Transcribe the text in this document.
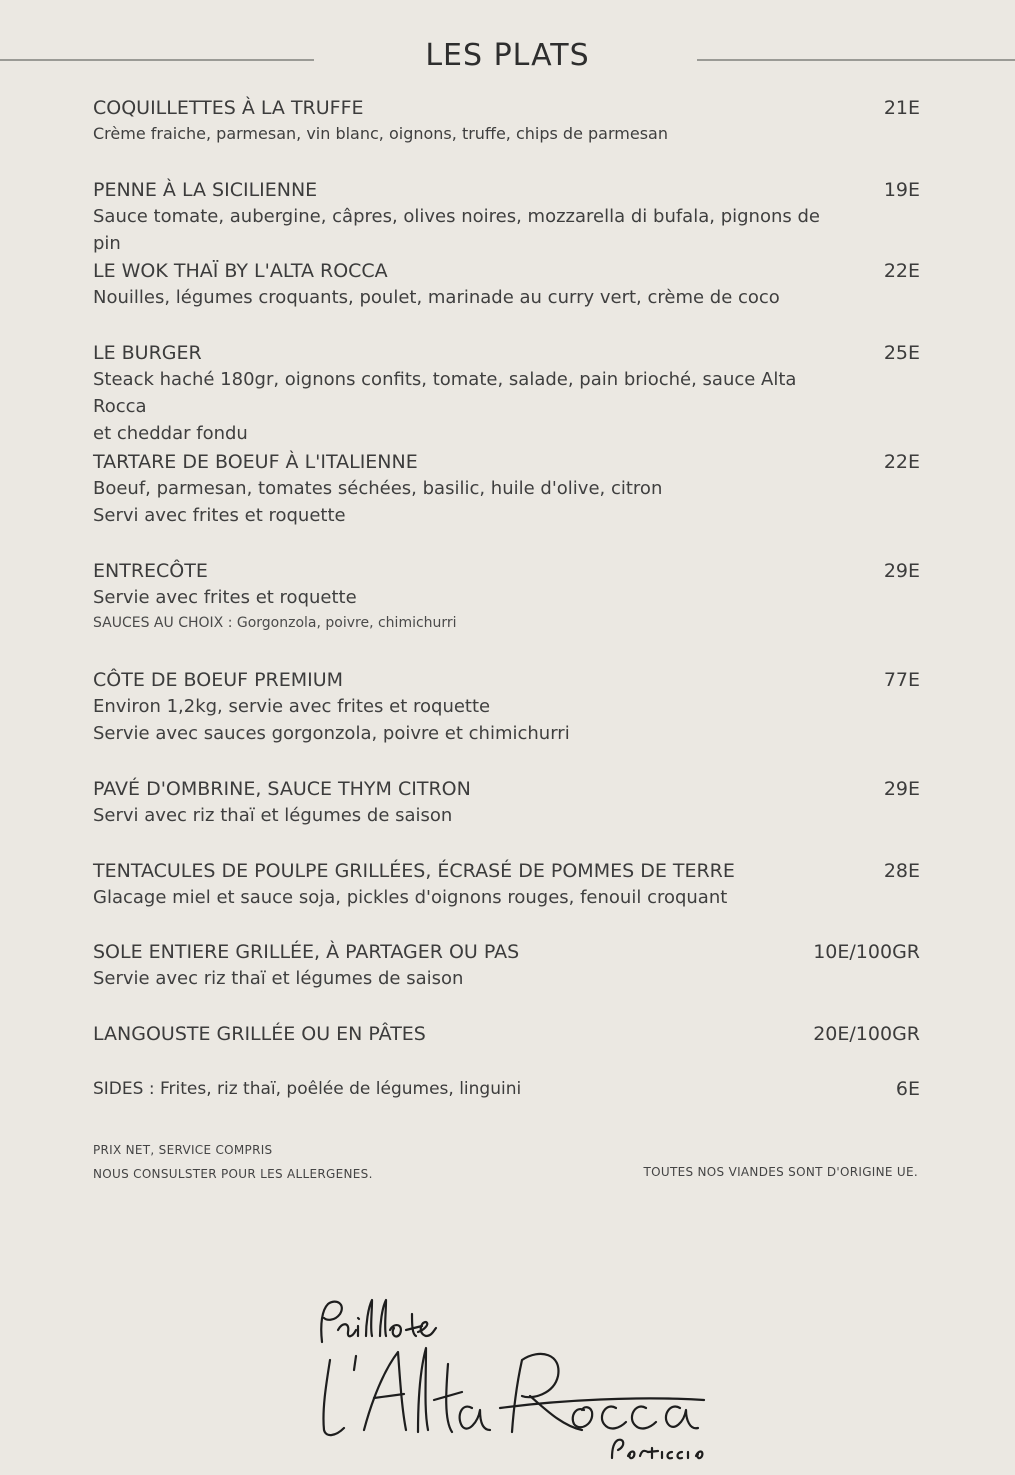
LES PLATS
COQUILLETTES À LA TRUFFE	21E
Crème fraiche, parmesan, vin blanc, oignons, truffe, chips de parmesan
PENNE À LA SICILIENNE	19E
Sauce tomate, aubergine, câpres, olives noires, mozzarella di bufala, pignons de pin
LE WOK THAÏ BY L'ALTA ROCCA	22E
Nouilles, légumes croquants, poulet, marinade au curry vert, crème de coco
LE BURGER	25E
Steack haché 180gr, oignons confits, tomate, salade, pain brioché, sauce Alta Rocca
et cheddar fondu
TARTARE DE BOEUF À L'ITALIENNE	22E
Boeuf, parmesan, tomates séchées, basilic, huile d'olive, citron
Servi avec frites et roquette
ENTRECÔTE	29E
Servie avec frites et roquette
SAUCES AU CHOIX : Gorgonzola, poivre, chimichurri
CÔTE DE BOEUF PREMIUM	77E
Environ 1,2kg, servie avec frites et roquette
Servie avec sauces gorgonzola, poivre et chimichurri
PAVÉ D'OMBRINE, SAUCE THYM CITRON	29E
Servi avec riz thaï et légumes de saison
TENTACULES DE POULPE GRILLÉES, ÉCRASÉ DE POMMES DE TERRE	28E
Glacage miel et sauce soja, pickles d'oignons rouges, fenouil croquant
SOLE ENTIERE GRILLÉE, À PARTAGER OU PAS	10E/100GR
Servie avec riz thaï et légumes de saison
LANGOUSTE GRILLÉE OU EN PÂTES	20E/100GR
SIDES : Frites, riz thaï, poêlée de légumes, linguini	6E
PRIX NET, SERVICE COMPRIS
NOUS CONSULSTER POUR LES ALLERGENES.	TOUTES NOS VIANDES SONT D'ORIGINE UE.
